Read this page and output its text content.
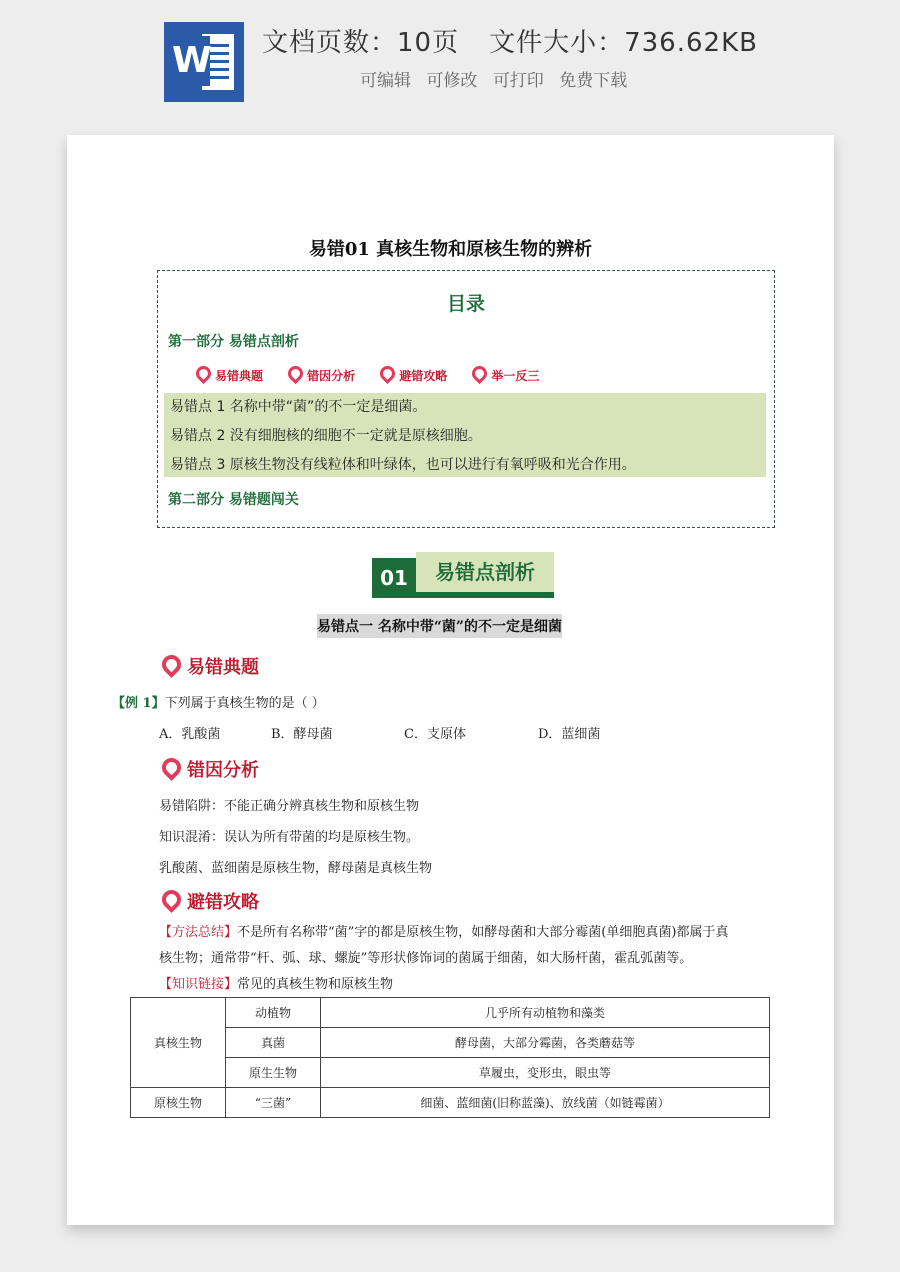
W 文档页数：10页 文件大小：736.62KB
可编辑 可修改 可打印 免费下载
易错01 真核生物和原核生物的辨析
目录
第一部分 易错点剖析
易错典题	错因分析	避错攻略	举一反三
易错点 1 名称中带“菌”的不一定是细菌。
易错点 2 没有细胞核的细胞不一定就是原核细胞。
易错点 3 原核生物没有线粒体和叶绿体，也可以进行有氧呼吸和光合作用。
第二部分 易错题闯关
01	易错点剖析
易错点一 名称中带“菌”的不一定是细菌
易错典题
【例 1】下列属于真核生物的是（ ）
A．乳酸菌	B．酵母菌	C．支原体	D．蓝细菌
错因分析
易错陷阱：不能正确分辨真核生物和原核生物
知识混淆：误认为所有带菌的均是原核生物。
乳酸菌、蓝细菌是原核生物，酵母菌是真核生物
避错攻略
【方法总结】不是所有名称带“菌”字的都是原核生物，如酵母菌和大部分霉菌(单细胞真菌)都属于真
核生物；通常带“杆、弧、球、螺旋”等形状修饰词的菌属于细菌，如大肠杆菌，霍乱弧菌等。
【知识链接】常见的真核生物和原核生物
真核生物	动植物	几乎所有动植物和藻类
	真菌	酵母菌，大部分霉菌，各类蘑菇等
	原生生物	草履虫，变形虫，眼虫等
原核生物	“三菌”	细菌、蓝细菌(旧称蓝藻)、放线菌（如链霉菌）
